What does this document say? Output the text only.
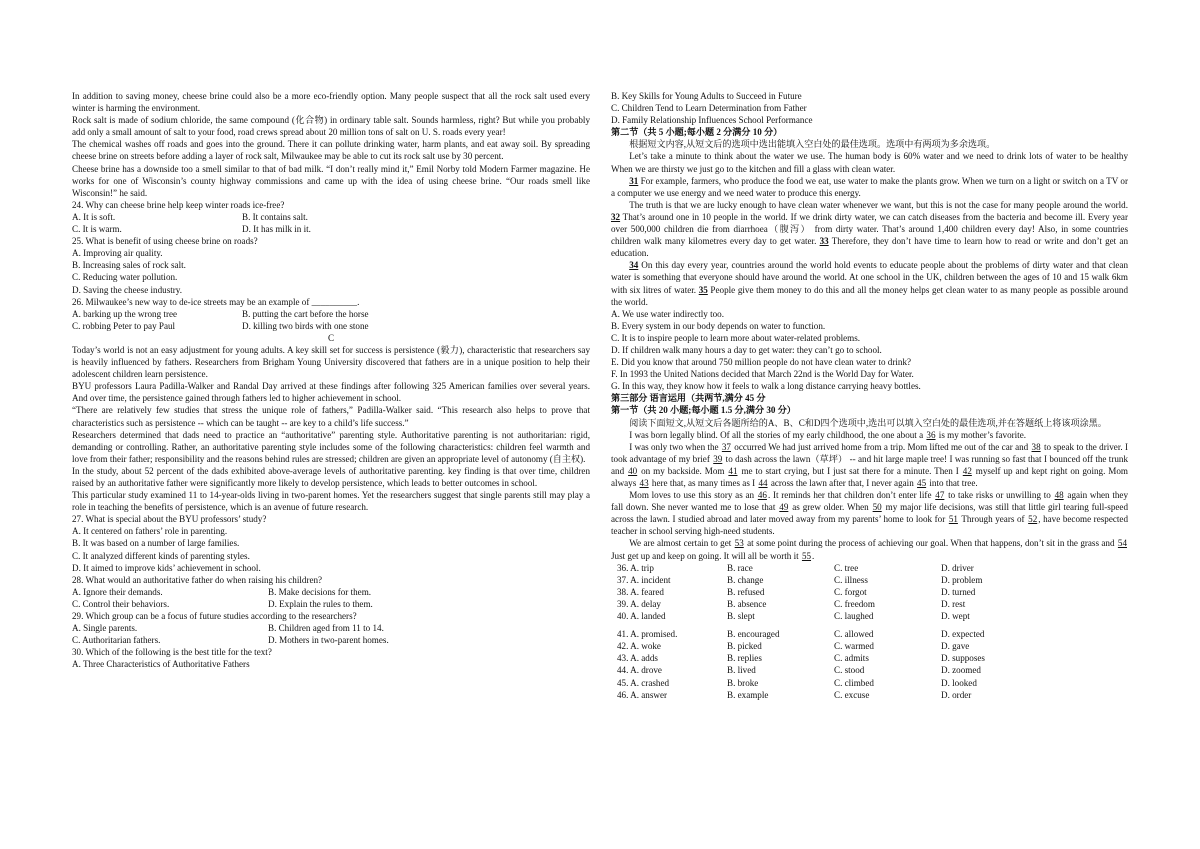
In addition to saving money, cheese brine could also be a more eco-friendly option. Many people suspect that all the rock salt used every winter is harming the environment.

Rock salt is made of sodium chloride, the same compound (化合物) in ordinary table salt. Sounds harmless, right? But while you probably add only a small amount of salt to your food, road crews spread about 20 million tons of salt on U. S. roads every year!

The chemical washes off roads and goes into the ground. There it can pollute drinking water, harm plants, and eat away soil. By spreading cheese brine on streets before adding a layer of rock salt, Milwaukee may be able to cut its rock salt use by 30 percent.

Cheese brine has a downside too a smell similar to that of bad milk. “I don’t really mind it,” Emil Norby told Modern Farmer magazine. He works for one of Wisconsin’s county highway commissions and came up with the idea of using cheese brine. “Our roads smell like Wisconsin!” he said.

24. Why can cheese brine help keep winter roads ice-free?

A. It is soft.	B. It contains salt.
C. It is warm.	D. It has milk in it.

25. What is benefit of using cheese brine on roads?

A. Improving air quality.

B. Increasing sales of rock salt.

C. Reducing water pollution.

D. Saving the cheese industry.

26. Milwaukee’s new way to de-ice streets may be an example of __________.

A. barking up the wrong tree	B. putting the cart before the horse
C. robbing Peter to pay Paul	D. killing two birds with one stone

C

Today’s world is not an easy adjustment for young adults. A key skill set for success is persistence (毅力), characteristic that researchers say is heavily influenced by fathers. Researchers from Brigham Young University discovered that fathers are in a unique position to help their adolescent children learn persistence.

BYU professors Laura Padilla-Walker and Randal Day arrived at these findings after following 325 American families over several years. And over time, the persistence gained through fathers led to higher achievement in school.

“There are relatively few studies that stress the unique role of fathers,” Padilla-Walker said. “This research also helps to prove that characteristics such as persistence -- which can be taught -- are key to a child’s life success.”

Researchers determined that dads need to practice an “authoritative” parenting style. Authoritative parenting is not authoritarian: rigid, demanding or controlling. Rather, an authoritative parenting style includes some of the following characteristics: children feel warmth and love from their father; responsibility and the reasons behind rules are stressed; children are given an appropriate level of autonomy (自主权).

In the study, about 52 percent of the dads exhibited above-average levels of authoritative parenting. key finding is that over time, children raised by an authoritative father were significantly more likely to develop persistence, which leads to better outcomes in school.

This particular study examined 11 to 14-year-olds living in two-parent homes. Yet the researchers suggest that single parents still may play a role in teaching the benefits of persistence, which is an avenue of future research.

27. What is special about the BYU professors’ study?

A. It centered on fathers’ role in parenting.

B. It was based on a number of large families.

C. It analyzed different kinds of parenting styles.

D. It aimed to improve kids’ achievement in school.

28. What would an authoritative father do when raising his children?

A. Ignore their demands.	B. Make decisions for them.
C. Control their behaviors.	D. Explain the rules to them.

29. Which group can be a focus of future studies according to the researchers?

A. Single parents.	B. Children aged from 11 to 14.
C. Authoritarian fathers.	D. Mothers in two-parent homes.

30. Which of the following is the best title for the text?

A. Three Characteristics of Authoritative Fathers

B. Key Skills for Young Adults to Succeed in Future

C. Children Tend to Learn Determination from Father

D. Family Relationship Influences School Performance

第二节（共 5 小题;每小题 2 分满分 10 分）

根据短文内容,从短文后的选项中选出能填入空白处的最佳选项。选项中有两项为多余选项。

Let’s take a minute to think about the water we use. The human body is 60% water and we need to drink lots of water to be healthy When we are thirsty we just go to the kitchen and fill a glass with clean water.

31 For example, farmers, who produce the food we eat, use water to make the plants grow. When we turn on a light or switch on a TV or a computer we use energy and we need water to produce this energy.

The truth is that we are lucky enough to have clean water whenever we want, but this is not the case for many people around the world. 32 That’s around one in 10 people in the world. If we drink dirty water, we can catch diseases from the bacteria and become ill. Every year over 500,000 children die from diarrhoea（腹泻） from dirty water. That’s around 1,400 children every day! Also, in some countries children walk many kilometres every day to get water. 33 Therefore, they don’t have time to learn how to read or write and don’t get an education.

34 On this day every year, countries around the world hold events to educate people about the problems of dirty water and that clean water is something that everyone should have around the world. At one school in the UK, children between the ages of 10 and 15 walk 6km with six litres of water. 35 People give them money to do this and all the money helps get clean water to as many people as possible around the world.

A. We use water indirectly too.

B. Every system in our body depends on water to function.

C. It is to inspire people to learn more about water-related problems.

D. If children walk many hours a day to get water: they can’t go to school.

E. Did you know that around 750 million people do not have clean water to drink?

F. In 1993 the United Nations decided that March 22nd is the World Day for Water.

G. In this way, they know how it feels to walk a long distance carrying heavy bottles.

第三部分 语言运用（共两节,满分 45 分

第一节（共 20 小题;每小题 1.5 分,满分 30 分）

阅读下面短文,从短文后各题所给的A、B、C和D四个选项中,选出可以填入空白处的最佳选项,并在答题纸上将该项涂黑。

I was born legally blind. Of all the stories of my early childhood, the one about a 36 is my mother’s favorite.

I was only two when the 37 occurred We had just arrived home from a trip. Mom lifted me out of the car and 38 to speak to the driver. I took advantage of my brief 39 to dash across the lawn（草坪） -- and hit large maple tree! I was running so fast that I bounced off the trunk and 40 on my backside. Mom 41 me to start crying, but I just sat there for a minute. Then I 42 myself up and kept right on going. Mom always 43 here that, as many times as I 44 across the lawn after that, I never again 45 into that tree.

Mom loves to use this story as an 46. It reminds her that children don’t enter life 47 to take risks or unwilling to 48 again when they fall down. She never wanted me to lose that 49 as grew older. When 50 my major life decisions, was still that little girl tearing full-speed across the lawn. I studied abroad and later moved away from my parents’ home to look for 51 Through years of 52, have become respected teacher in school serving high-need students.

We are almost certain to get 53 at some point during the process of achieving our goal. When that happens, don’t sit in the grass and 54 Just get up and keep on going. It will all be worth it 55.

36. A. trip	B. race	C. tree	D. driver
37. A. incident	B. change	C. illness	D. problem
38. A. feared	B. refused	C. forgot	D. turned
39. A. delay	B. absence	C. freedom	D. rest
40. A. landed	B. slept	C. laughed	D. wept
41. A. promised.	B. encouraged	C. allowed	D. expected
42. A. woke	B. picked	C. warmed	D. gave
43. A. adds	B. replies	C. admits	D. supposes
44. A. drove	B. lived	C. stood	D. zoomed
45. A. crashed	B. broke	C. climbed	D. looked
46. A. answer	B. example	C. excuse	D. order
